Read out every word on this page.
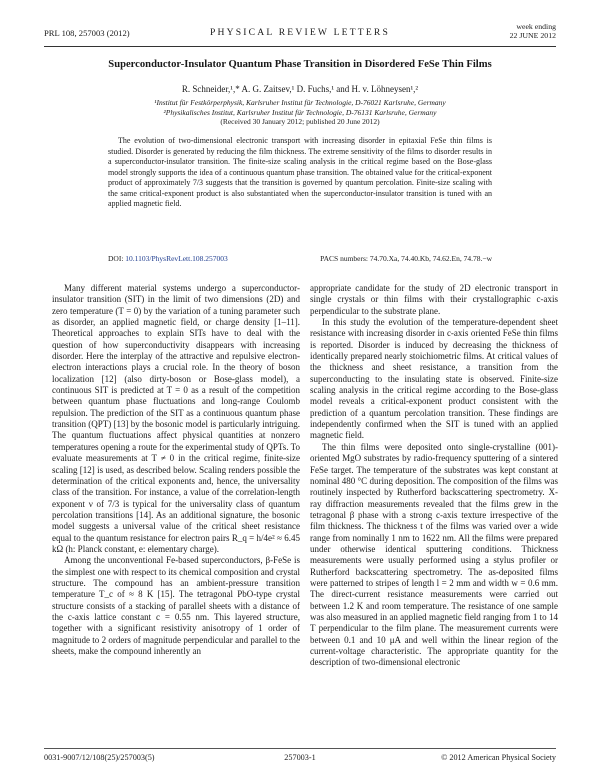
PRL 108, 257003 (2012)	PHYSICAL REVIEW LETTERS
week ending
22 JUNE 2012
Superconductor-Insulator Quantum Phase Transition in Disordered FeSe Thin Films
R. Schneider,¹,* A. G. Zaitsev,¹ D. Fuchs,¹ and H. v. Löhneysen¹,²
¹Institut für Festkörperphysik, Karlsruher Institut für Technologie, D-76021 Karlsruhe, Germany
²Physikalisches Institut, Karlsruher Institut für Technologie, D-76131 Karlsruhe, Germany
(Received 30 January 2012; published 20 June 2012)
The evolution of two-dimensional electronic transport with increasing disorder in epitaxial FeSe thin films is studied. Disorder is generated by reducing the film thickness. The extreme sensitivity of the films to disorder results in a superconductor-insulator transition. The finite-size scaling analysis in the critical regime based on the Bose-glass model strongly supports the idea of a continuous quantum phase transition. The obtained value for the critical-exponent product of approximately 7/3 suggests that the transition is governed by quantum percolation. Finite-size scaling with the same critical-exponent product is also substantiated when the superconductor-insulator transition is tuned with an applied magnetic field.
DOI: 10.1103/PhysRevLett.108.257003	PACS numbers: 74.70.Xa, 74.40.Kb, 74.62.En, 74.78.−w

Many different material systems undergo a superconductor-insulator transition (SIT) in the limit of two dimensions (2D) and zero temperature (T = 0) by the variation of a tuning parameter such as disorder, an applied magnetic field, or charge density [1–11]. Theoretical approaches to explain SITs have to deal with the question of how superconductivity disappears with increasing disorder. Here the interplay of the attractive and repulsive electron-electron interactions plays a crucial role. In the theory of boson localization [12] (also dirty-boson or Bose-glass model), a continuous SIT is predicted at T = 0 as a result of the competition between quantum phase fluctuations and long-range Coulomb repulsion. The prediction of the SIT as a continuous quantum phase transition (QPT) [13] by the bosonic model is particularly intriguing. The quantum fluctuations affect physical quantities at nonzero temperatures opening a route for the experimental study of QPTs. To evaluate measurements at T ≠ 0 in the critical regime, finite-size scaling [12] is used, as described below. Scaling renders possible the determination of the critical exponents and, hence, the universality class of the transition. For instance, a value of the correlation-length exponent ν of 7/3 is typical for the universality class of quantum percolation transitions [14]. As an additional signature, the bosonic model suggests a universal value of the critical sheet resistance equal to the quantum resistance for electron pairs R_q = h/4e² ≈ 6.45 kΩ (h: Planck constant, e: elementary charge).

Among the unconventional Fe-based superconductors, β-FeSe is the simplest one with respect to its chemical composition and crystal structure. The compound has an ambient-pressure transition temperature T_c of ≈ 8 K [15]. The tetragonal PbO-type crystal structure consists of a stacking of parallel sheets with a distance of the c-axis lattice constant c = 0.55 nm. This layered structure, together with a significant resistivity anisotropy of 1 order of magnitude to 2 orders of magnitude perpendicular and parallel to the sheets, make the compound inherently an

appropriate candidate for the study of 2D electronic transport in single crystals or thin films with their crystallographic c-axis perpendicular to the substrate plane.

In this study the evolution of the temperature-dependent sheet resistance with increasing disorder in c-axis oriented FeSe thin films is reported. Disorder is induced by decreasing the thickness of identically prepared nearly stoichiometric films. At critical values of the thickness and sheet resistance, a transition from the superconducting to the insulating state is observed. Finite-size scaling analysis in the critical regime according to the Bose-glass model reveals a critical-exponent product consistent with the prediction of a quantum percolation transition. These findings are independently confirmed when the SIT is tuned with an applied magnetic field.

The thin films were deposited onto single-crystalline (001)-oriented MgO substrates by radio-frequency sputtering of a sintered FeSe target. The temperature of the substrates was kept constant at nominal 480 °C during deposition. The composition of the films was routinely inspected by Rutherford backscattering spectrometry. X-ray diffraction measurements revealed that the films grew in the tetragonal β phase with a strong c-axis texture irrespective of the film thickness. The thickness t of the films was varied over a wide range from nominally 1 nm to 1622 nm. All the films were prepared under otherwise identical sputtering conditions. Thickness measurements were usually performed using a stylus profiler or Rutherford backscattering spectrometry. The as-deposited films were patterned to stripes of length l = 2 mm and width w = 0.6 mm. The direct-current resistance measurements were carried out between 1.2 K and room temperature. The resistance of one sample was also measured in an applied magnetic field ranging from 1 to 14 T perpendicular to the film plane. The measurement currents were between 0.1 and 10 μA and well within the linear region of the current-voltage characteristic. The appropriate quantity for the description of two-dimensional electronic

0031-9007/12/108(25)/257003(5)	257003-1	© 2012 American Physical Society
